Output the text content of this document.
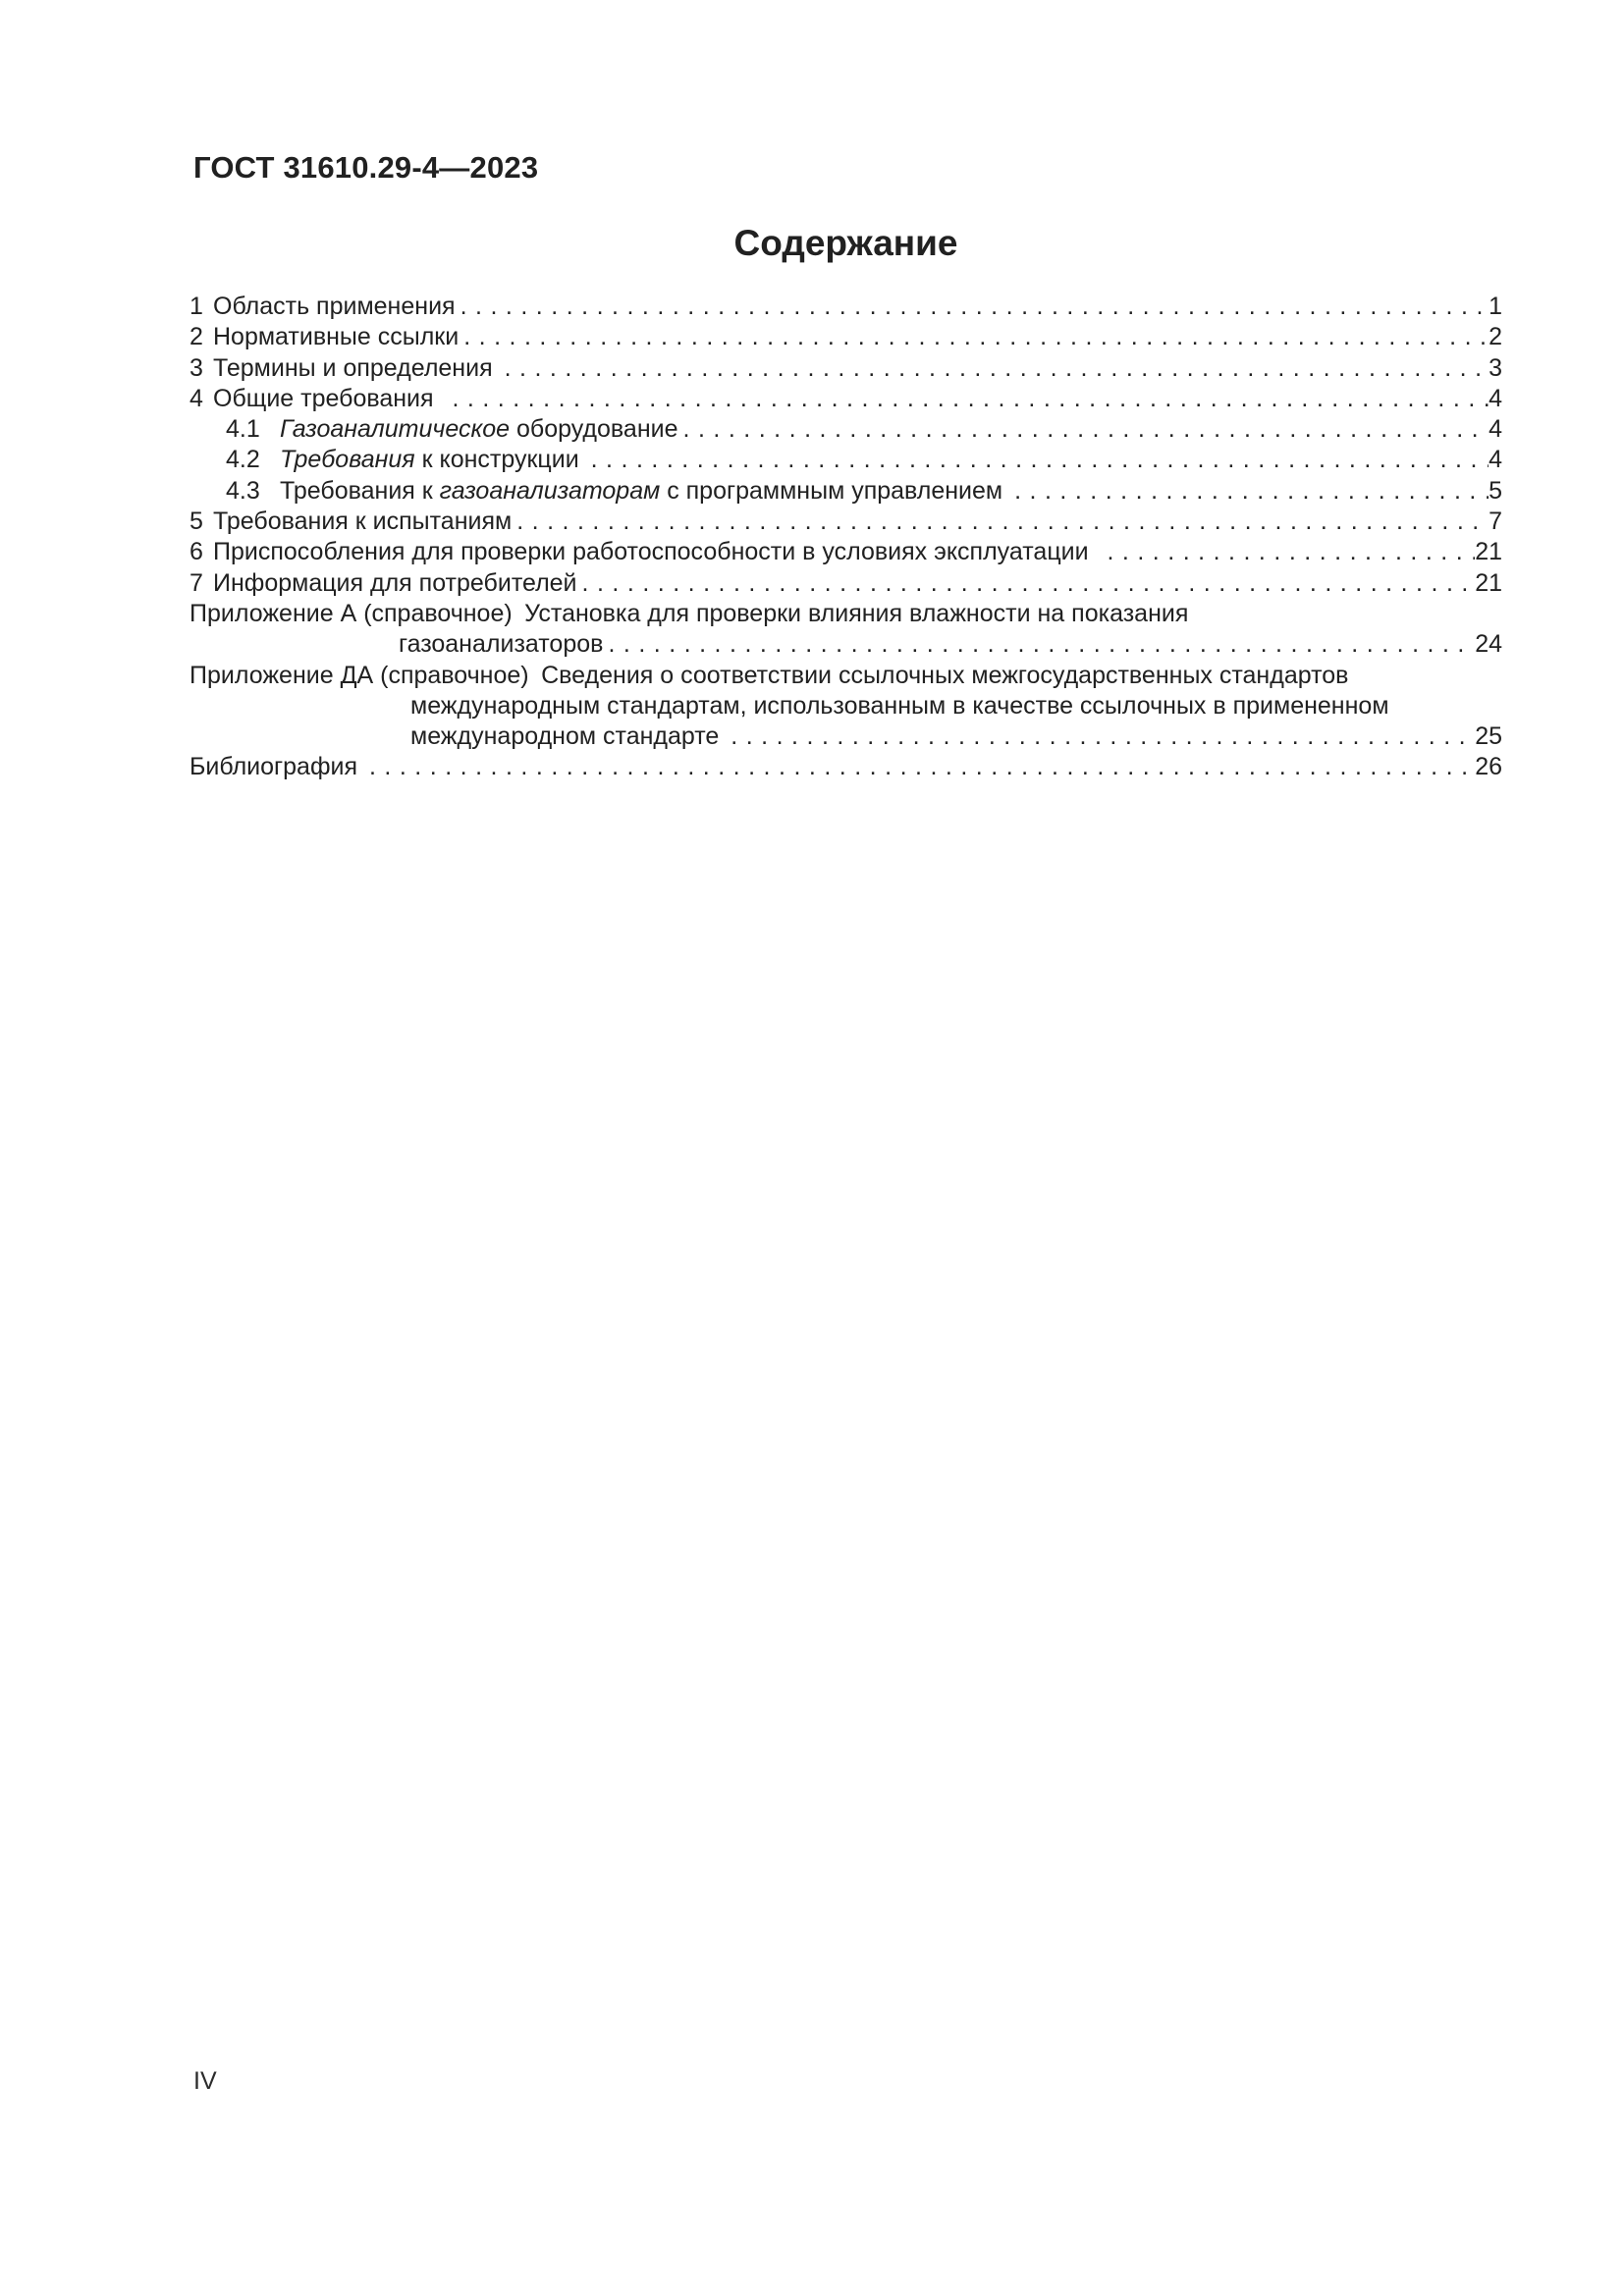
ГОСТ 31610.29-4—2023
Содержание
1 Область применения .....	1
2 Нормативные ссылки .....	2
3 Термины и определения .....	3
4 Общие требования .....	4
4.1 Газоаналитическое оборудование .....	4
4.2 Требования к конструкции .....	4
4.3 Требования к газоанализаторам с программным управлением .....	5
5 Требования к испытаниям .....	7
6 Приспособления для проверки работоспособности в условиях эксплуатации .....	21
7 Информация для потребителей .....	21
Приложение А (справочное) Установка для проверки влияния влажности на показания
газоанализаторов .....	24
Приложение ДА (справочное) Сведения о соответствии ссылочных межгосударственных стандартов
международным стандартам, использованным в качестве ссылочных в примененном
международном стандарте .....	25
Библиография .....	26
IV
